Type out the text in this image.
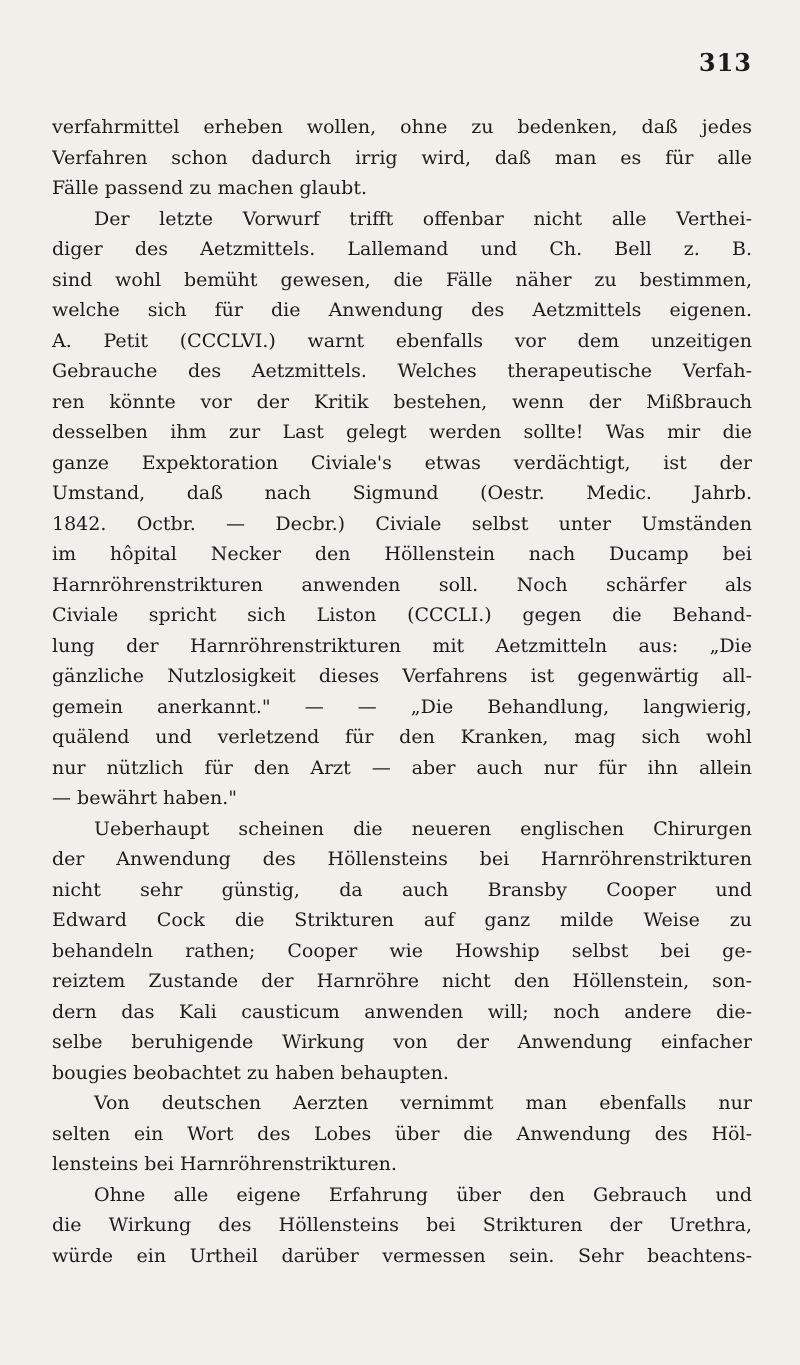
313
verfahrmittel erheben wollen, ohne zu bedenken, daß jedes
Verfahren schon dadurch irrig wird, daß man es für alle
Fälle passend zu machen glaubt.
Der letzte Vorwurf trifft offenbar nicht alle Verthei-
diger des Aetzmittels. Lallemand und Ch. Bell z. B.
sind wohl bemüht gewesen, die Fälle näher zu bestimmen,
welche sich für die Anwendung des Aetzmittels eigenen.
A. Petit (CCCLVI.) warnt ebenfalls vor dem unzeitigen
Gebrauche des Aetzmittels. Welches therapeutische Verfah-
ren könnte vor der Kritik bestehen, wenn der Mißbrauch
desselben ihm zur Last gelegt werden sollte! Was mir die
ganze Expektoration Civiale's etwas verdächtigt, ist der
Umstand, daß nach Sigmund (Oestr. Medic. Jahrb.
1842. Octbr. — Decbr.) Civiale selbst unter Umständen
im hôpital Necker den Höllenstein nach Ducamp bei
Harnröhrenstrikturen anwenden soll. Noch schärfer als
Civiale spricht sich Liston (CCCLI.) gegen die Behand-
lung der Harnröhrenstrikturen mit Aetzmitteln aus: „Die
gänzliche Nutzlosigkeit dieses Verfahrens ist gegenwärtig all-
gemein anerkannt." — — „Die Behandlung, langwierig,
quälend und verletzend für den Kranken, mag sich wohl
nur nützlich für den Arzt — aber auch nur für ihn allein
— bewährt haben."
Ueberhaupt scheinen die neueren englischen Chirurgen
der Anwendung des Höllensteins bei Harnröhrenstrikturen
nicht sehr günstig, da auch Bransby Cooper und
Edward Cock die Strikturen auf ganz milde Weise zu
behandeln rathen; Cooper wie Howship selbst bei ge-
reiztem Zustande der Harnröhre nicht den Höllenstein, son-
dern das Kali causticum anwenden will; noch andere die-
selbe beruhigende Wirkung von der Anwendung einfacher
bougies beobachtet zu haben behaupten.
Von deutschen Aerzten vernimmt man ebenfalls nur
selten ein Wort des Lobes über die Anwendung des Höl-
lensteins bei Harnröhrenstrikturen.
Ohne alle eigene Erfahrung über den Gebrauch und
die Wirkung des Höllensteins bei Strikturen der Urethra,
würde ein Urtheil darüber vermessen sein. Sehr beachtens-
